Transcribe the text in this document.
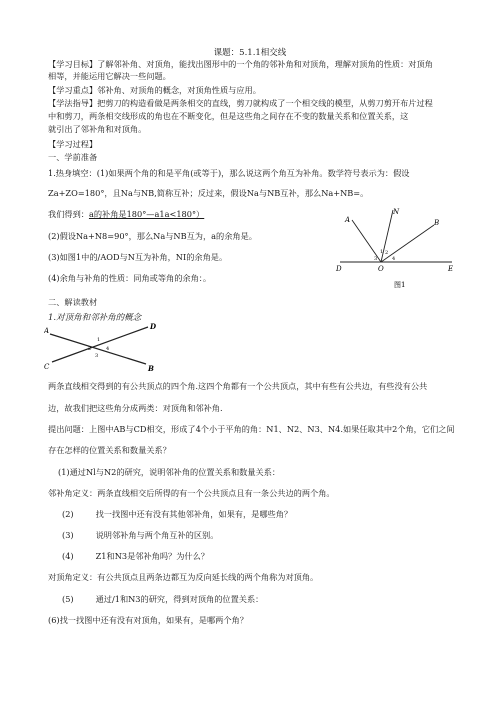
课题：5.1.1相交线
【学习目标】了解邻补角、对顶角，能找出图形中的一个角的邻补角和对顶角，理解对顶角的性质：对顶角
相等，并能运用它解决一些问题。
【学习重点】邻补角、对顶角的概念，对顶角性质与应用。
【学法指导】把剪刀的构造看做是两条相交的直线，剪刀就构成了一个相交线的模型，从剪刀剪开布片过程
中和剪刀，两条相交线形成的角也在不断变化，但是这些角之间存在不变的数量关系和位置关系，这
就引出了邻补角和对顶角。
【学习过程】
一、学前准备
1.热身填空：(1)如果两个角的和是平角(或等于)，那么说这两个角互为补角。数学符号表示为：假设
Za+ZO=180°，且Na与NB,简称互补；反过来，假设Na与NB互补，那么Na+NB=。
我们得到：a的补角是180°—a1a<180°）
(2)假设Na+N8=90°，那么Na与NB互为，a的余角是。
(3)如图1中的/AOD与N互为补角，NI的余角是。
(4)余角与补角的性质：同角或等角的余角：。
A
N
B
D	O	E
1 2
3	4
图1
二、解读教材
1.对顶角和邻补角的概念
A
C
D
B
1
2
3
4
两条直线相交得到的有公共顶点的四个角.这四个角都有一个公共顶点，其中有些有公共边，有些没有公共
边，故我们把这些角分成两类：对顶角和邻补角.
提出问题：上图中AB与CD相交，形成了4个小于平角的角：N1、N2、N3、N4.如果任取其中2个角，它们之间
存在怎样的位置关系和数量关系？
(1)通过Nl与N2的研究，说明邻补角的位置关系和数量关系：
邻补角定义：两条直线相交后所得的有一个公共顶点且有一条公共边的两个角。
(2)	找一找图中还有没有其他邻补角，如果有，是哪些角？
(3)	说明邻补角与两个角互补的区别。
(4)	Z1和N3是邻补角吗？为什么？
对顶角定义：有公共顶点且两条边都互为反向延长线的两个角称为对顶角。
(5)	通过/1和N3的研究，得到对顶角的位置关系：
(6)找一找图中还有没有对顶角，如果有，是哪两个角？
